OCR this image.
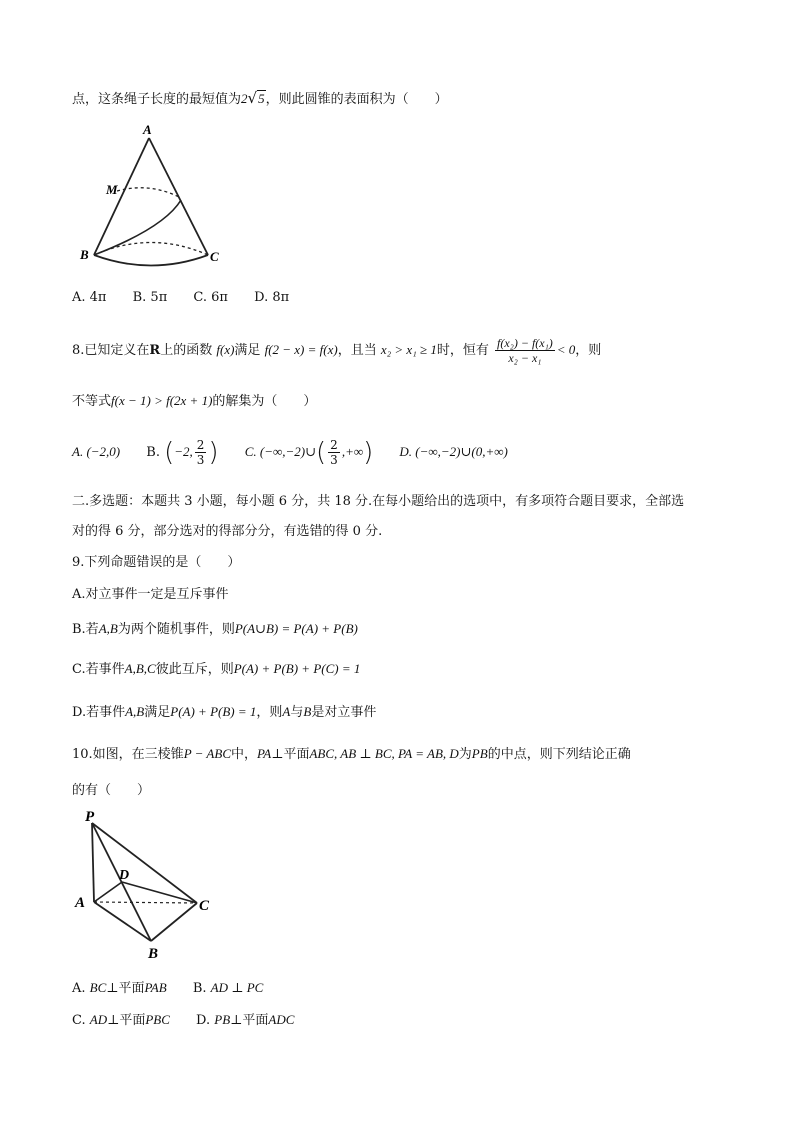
点，这条绳子长度的最短值为2√5，则此圆锥的表面积为（　　）
A
M
B	C
A. 4π B. 5π C. 6π D. 8π
8.已知定义在R上的函数 f(x)满足 f(2 − x) = f(x)，且当 x₂ > x₁ ≥ 1时，恒有 $\frac{\text{f(x₂) − f(x₁)}}{\text{x₂ − x₁}} < 0$，则
不等式f(x − 1) > f(2x + 1)的解集为（　　）
A. (−2,0) B. (−2, $\frac{2}{3}$ ) C. (−∞,−2)∪( $\frac{2}{3}$ ,+∞) D. (−∞,−2)∪(0,+∞)
二.多选题：本题共 3 小题，每小题 6 分，共 18 分.在每小题给出的选项中，有多项符合题目要求，全部选
对的得 6 分，部分选对的得部分分，有选错的得 0 分.
9.下列命题错误的是（　　）
A.对立事件一定是互斥事件
B.若A,B为两个随机事件，则P(A∪B) = P(A) + P(B)
C.若事件A,B,C彼此互斥，则P(A) + P(B) + P(C) = 1
D.若事件A,B满足P(A) + P(B) = 1，则A与B是对立事件
10.如图，在三棱锥P − ABC中，PA⊥平面ABC, AB ⊥ BC, PA = AB, D为PB的中点，则下列结论正确
的有（　　）
P
D
A	C
B
A. BC⊥平面PAB B. AD ⊥ PC
C. AD⊥平面PBC D. PB⊥平面ADC
